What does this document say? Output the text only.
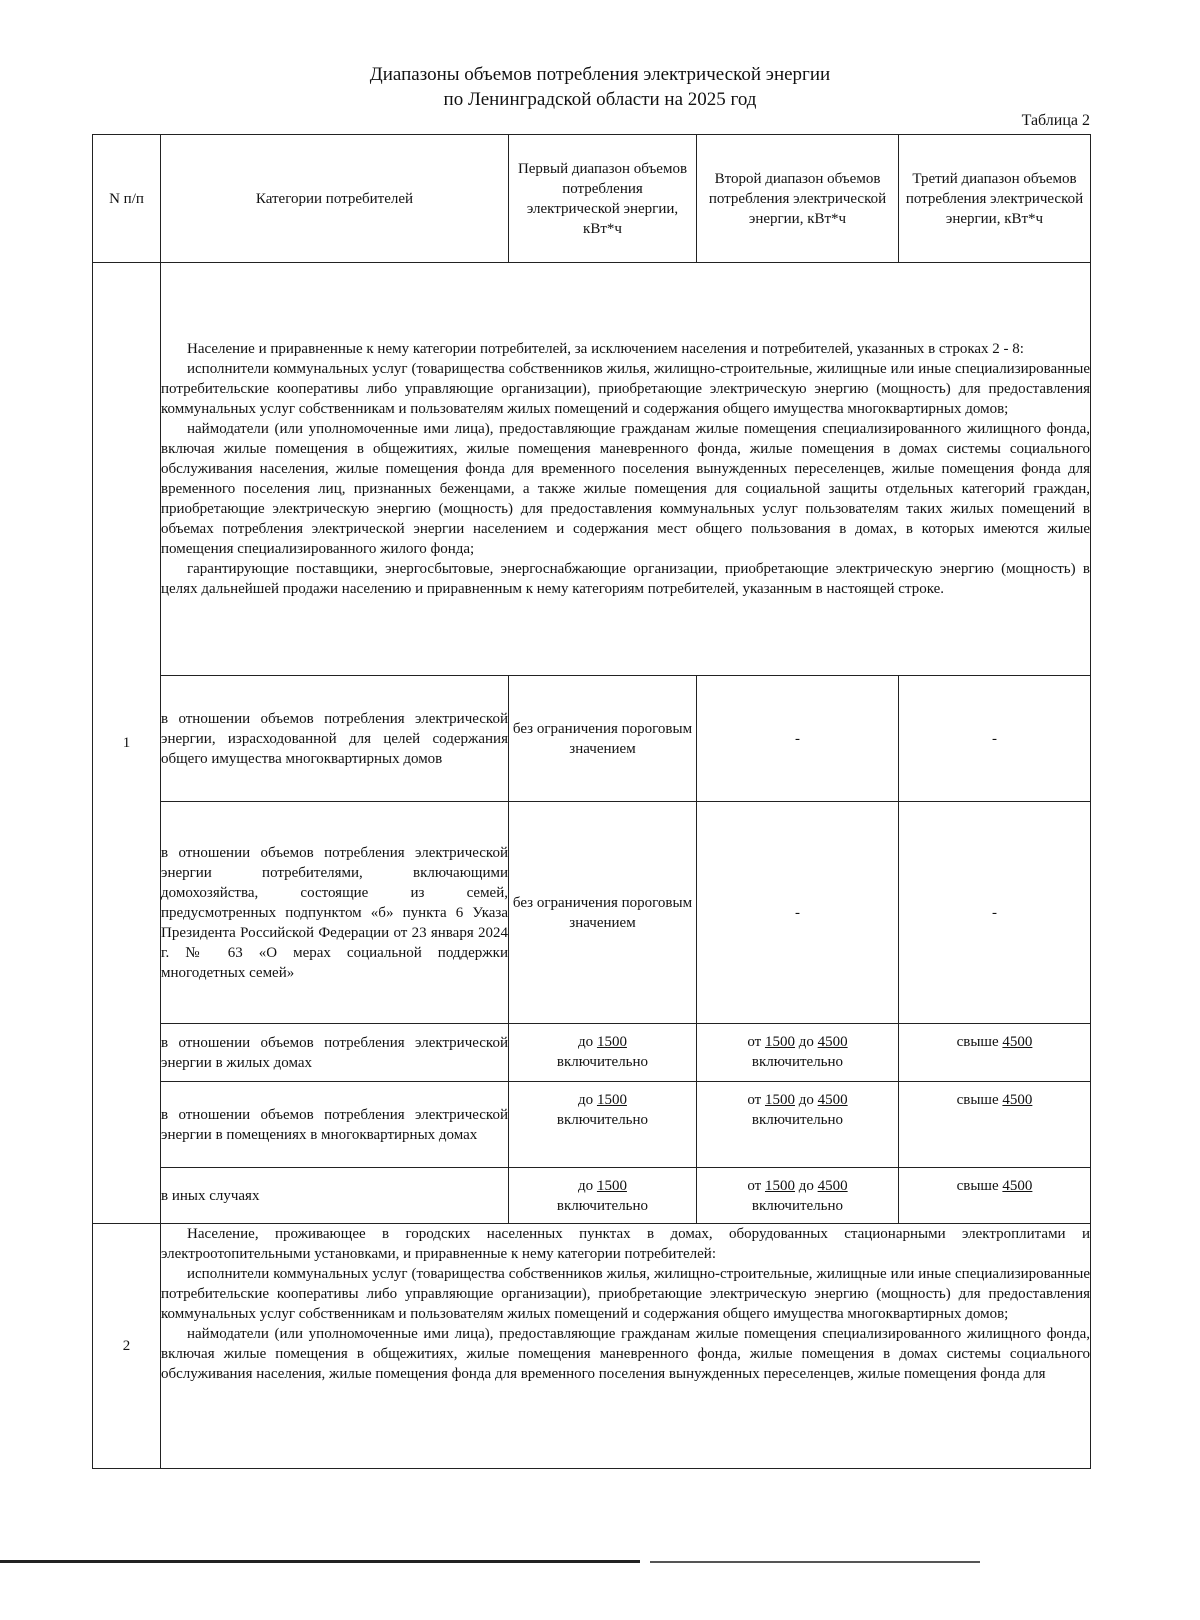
Диапазоны объемов потребления электрической энергии
по Ленинградской области на 2025 год
Таблица 2
N п/п	Категории потребителей	Первый диапазон объемов потребления электрической энергии, кВт*ч	Второй диапазон объемов потребления электрической энергии, кВт*ч	Третий диапазон объемов потребления электрической энергии, кВт*ч
1	Население и приравненные к нему категории потребителей, за исключением населения и потребителей, указанных в строках 2 - 8:

исполнители коммунальных услуг (товарищества собственников жилья, жилищно-строительные, жилищные или иные специализированные потребительские кооперативы либо управляющие организации), приобретающие электрическую энергию (мощность) для предоставления коммунальных услуг собственникам и пользователям жилых помещений и содержания общего имущества многоквартирных домов;

наймодатели (или уполномоченные ими лица), предоставляющие гражданам жилые помещения специализированного жилищного фонда, включая жилые помещения в общежитиях, жилые помещения маневренного фонда, жилые помещения в домах системы социального обслуживания населения, жилые помещения фонда для временного поселения вынужденных переселенцев, жилые помещения фонда для временного поселения лиц, признанных беженцами, а также жилые помещения для социальной защиты отдельных категорий граждан, приобретающие электрическую энергию (мощность) для предоставления коммунальных услуг пользователям таких жилых помещений в объемах потребления электрической энергии населением и содержания мест общего пользования в домах, в которых имеются жилые помещения специализированного жилого фонда;

гарантирующие поставщики, энергосбытовые, энергоснабжающие организации, приобретающие электрическую энергию (мощность) в целях дальнейшей продажи населению и приравненным к нему категориям потребителей, указанным в настоящей строке.			

	в отношении объемов потребления электрической энергии, израсходованной для целей содержания общего имущества многоквартирных домов	без ограничения пороговым значением	-	-
	в отношении объемов потребления электрической энергии потребителями, включающими домохозяйства, состоящие из семей, предусмотренных подпунктом «б» пункта 6 Указа Президента Российской Федерации от 23 января 2024 г. № 63 «О мерах социальной поддержки многодетных семей»	без ограничения пороговым значением	-	-
	в отношении объемов потребления электрической энергии в жилых домах	до 1500
включительно	от 1500 до 4500
включительно	свыше 4500
	в отношении объемов потребления электрической энергии в помещениях в многоквартирных домах	до 1500
включительно	от 1500 до 4500
включительно	свыше 4500
	в иных случаях	до 1500
включительно	от 1500 до 4500
включительно	свыше 4500
2	Население, проживающее в городских населенных пунктах в домах, оборудованных стационарными электроплитами и электроотопительными установками, и приравненные к нему категории потребителей:

исполнители коммунальных услуг (товарищества собственников жилья, жилищно-строительные, жилищные или иные специализированные потребительские кооперативы либо управляющие организации), приобретающие электрическую энергию (мощность) для предоставления коммунальных услуг собственникам и пользователям жилых помещений и содержания общего имущества многоквартирных домов;

наймодатели (или уполномоченные ими лица), предоставляющие гражданам жилые помещения специализированного жилищного фонда, включая жилые помещения в общежитиях, жилые помещения маневренного фонда, жилые помещения в домах системы социального обслуживания населения, жилые помещения фонда для временного поселения вынужденных переселенцев, жилые помещения фонда для			
